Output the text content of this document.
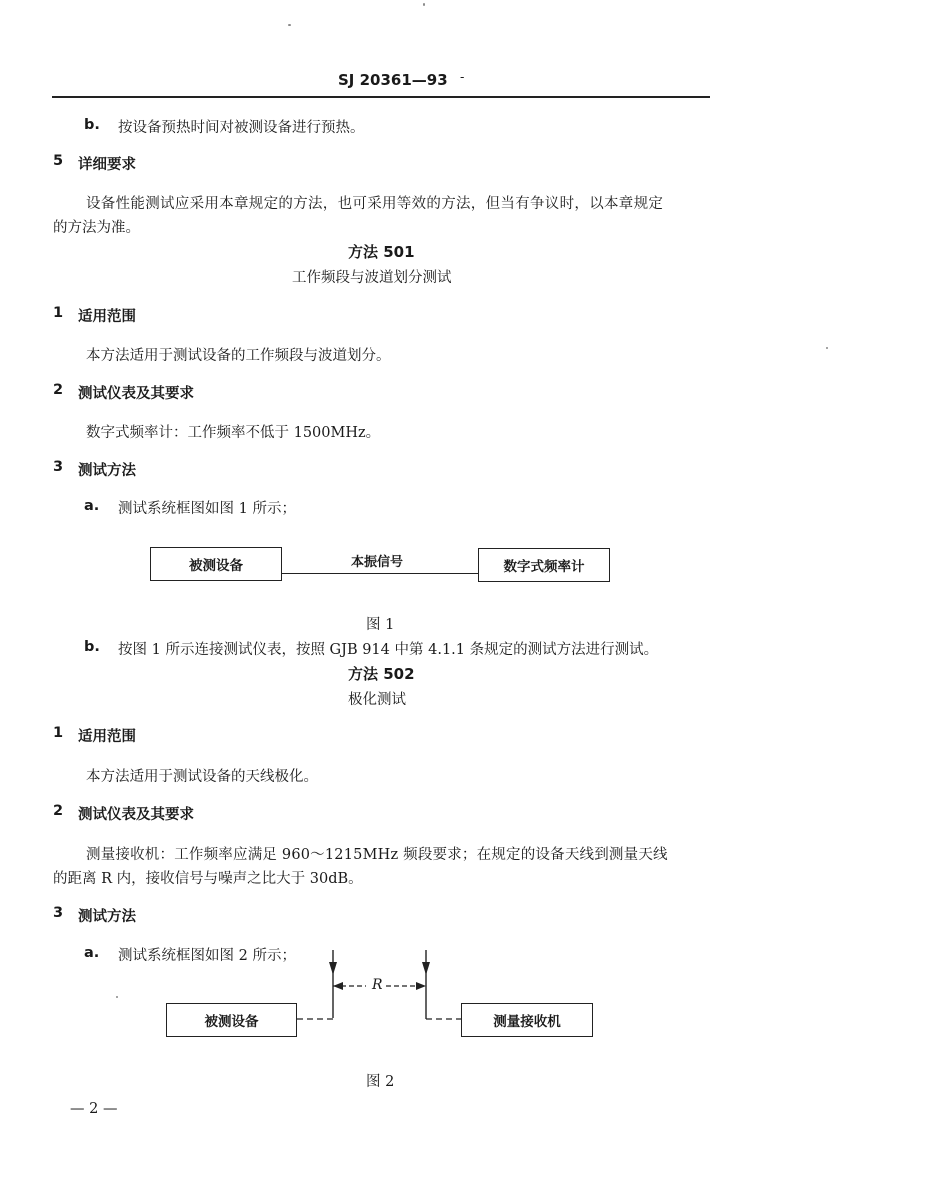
SJ 20361—93 -
b. 按设备预热时间对被测设备进行预热。
5 详细要求
设备性能测试应采用本章规定的方法，也可采用等效的方法，但当有争议时，以本章规定
的方法为准。
方法 501
工作频段与波道划分测试
1 适用范围
本方法适用于测试设备的工作频段与波道划分。
2 测试仪表及其要求
数字式频率计：工作频率不低于 1500MHz。
3 测试方法
a. 测试系统框图如图 1 所示；
被测设备	本振信号	数字式频率计
图 1
b. 按图 1 所示连接测试仪表，按照 GJB 914 中第 4.1.1 条规定的测试方法进行测试。
方法 502
极化测试
1 适用范围
本方法适用于测试设备的天线极化。
2 测试仪表及其要求
测量接收机：工作频率应满足 960～1215MHz 频段要求；在规定的设备天线到测量天线
的距离 R 内，接收信号与噪声之比大于 30dB。
3 测试方法
a. 测试系统框图如图 2 所示；
被测设备	测量接收机
R
图 2
— 2 —
